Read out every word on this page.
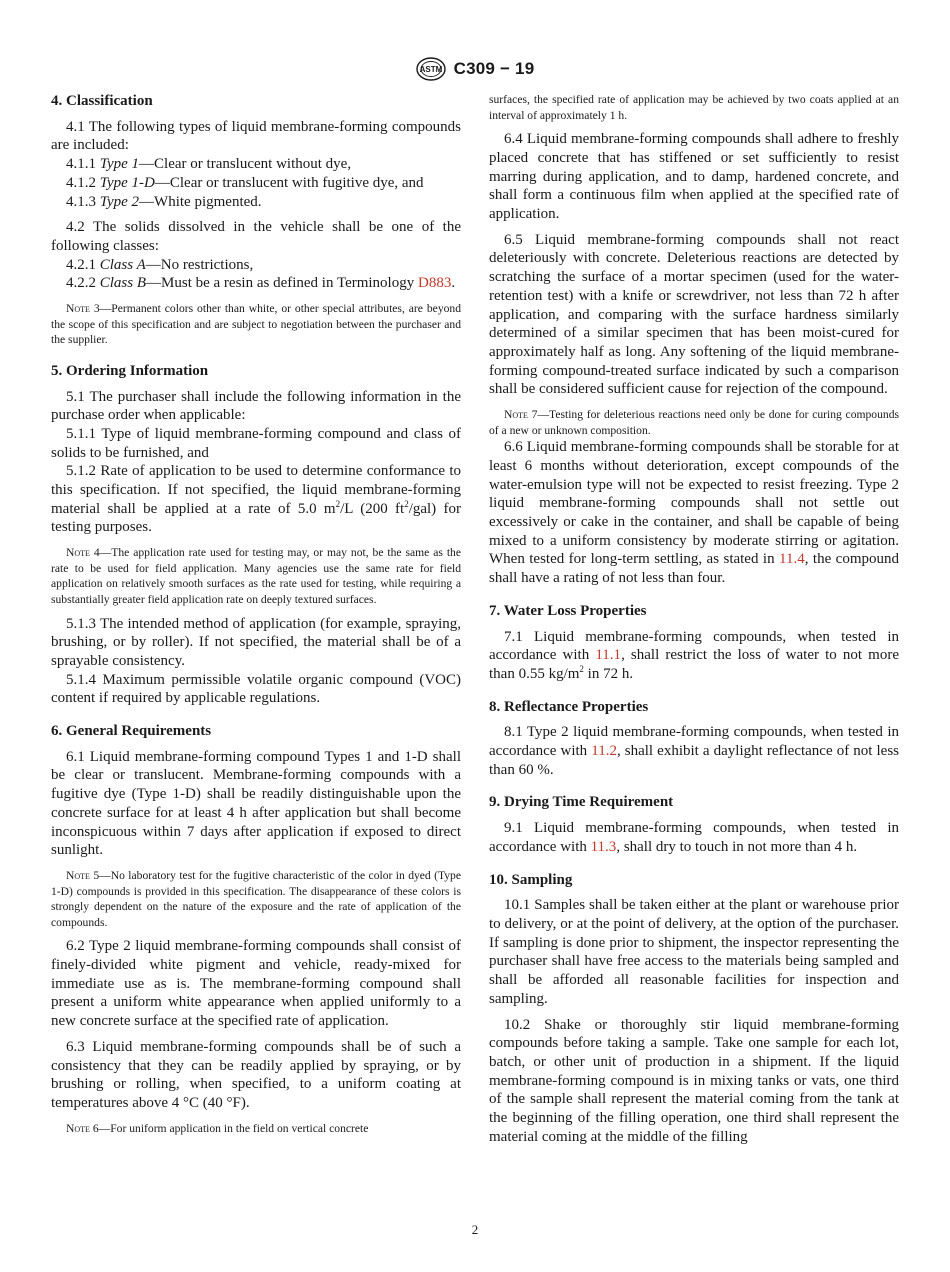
ASTM C309 − 19
4. Classification

4.1 The following types of liquid membrane-forming compounds are included:

4.1.1 Type 1—Clear or translucent without dye,

4.1.2 Type 1-D—Clear or translucent with fugitive dye, and

4.1.3 Type 2—White pigmented.

4.2 The solids dissolved in the vehicle shall be one of the following classes:

4.2.1 Class A—No restrictions,

4.2.2 Class B—Must be a resin as defined in Terminology D883.

Note 3—Permanent colors other than white, or other special attributes, are beyond the scope of this specification and are subject to negotiation between the purchaser and the supplier.

5. Ordering Information

5.1 The purchaser shall include the following information in the purchase order when applicable:

5.1.1 Type of liquid membrane-forming compound and class of solids to be furnished, and

5.1.2 Rate of application to be used to determine conformance to this specification. If not specified, the liquid membrane-forming material shall be applied at a rate of 5.0 $m^2/L$ (200 $ft^2/gal$) for testing purposes.

Note 4—The application rate used for testing may, or may not, be the same as the rate to be used for field application. Many agencies use the same rate for field application on relatively smooth surfaces as the rate used for testing, while requiring a substantially greater field application rate on deeply textured surfaces.

5.1.3 The intended method of application (for example, spraying, brushing, or by roller). If not specified, the material shall be of a sprayable consistency.

5.1.4 Maximum permissible volatile organic compound (VOC) content if required by applicable regulations.

6. General Requirements

6.1 Liquid membrane-forming compound Types 1 and 1-D shall be clear or translucent. Membrane-forming compounds with a fugitive dye (Type 1-D) shall be readily distinguishable upon the concrete surface for at least 4 h after application but shall become inconspicuous within 7 days after application if exposed to direct sunlight.

Note 5—No laboratory test for the fugitive characteristic of the color in dyed (Type 1-D) compounds is provided in this specification. The disappearance of these colors is strongly dependent on the nature of the exposure and the rate of application of the compounds.

6.2 Type 2 liquid membrane-forming compounds shall consist of finely-divided white pigment and vehicle, ready-mixed for immediate use as is. The membrane-forming compound shall present a uniform white appearance when applied uniformly to a new concrete surface at the specified rate of application.

6.3 Liquid membrane-forming compounds shall be of such a consistency that they can be readily applied by spraying, or by brushing or rolling, when specified, to a uniform coating at temperatures above 4 °C (40 °F).

Note 6—For uniform application in the field on vertical concrete

surfaces, the specified rate of application may be achieved by two coats applied at an interval of approximately 1 h.

6.4 Liquid membrane-forming compounds shall adhere to freshly placed concrete that has stiffened or set sufficiently to resist marring during application, and to damp, hardened concrete, and shall form a continuous film when applied at the specified rate of application.

6.5 Liquid membrane-forming compounds shall not react deleteriously with concrete. Deleterious reactions are detected by scratching the surface of a mortar specimen (used for the water-retention test) with a knife or screwdriver, not less than 72 h after application, and comparing with the surface hardness similarly determined of a similar specimen that has been moist-cured for approximately half as long. Any softening of the liquid membrane-forming compound-treated surface indicated by such a comparison shall be considered sufficient cause for rejection of the compound.

Note 7—Testing for deleterious reactions need only be done for curing compounds of a new or unknown composition.

6.6 Liquid membrane-forming compounds shall be storable for at least 6 months without deterioration, except compounds of the water-emulsion type will not be expected to resist freezing. Type 2 liquid membrane-forming compounds shall not settle out excessively or cake in the container, and shall be capable of being mixed to a uniform consistency by moderate stirring or agitation. When tested for long-term settling, as stated in 11.4, the compound shall have a rating of not less than four.

7. Water Loss Properties

7.1 Liquid membrane-forming compounds, when tested in accordance with 11.1, shall restrict the loss of water to not more than 0.55 $kg/m^2$ in 72 h.

8. Reflectance Properties

8.1 Type 2 liquid membrane-forming compounds, when tested in accordance with 11.2, shall exhibit a daylight reflectance of not less than 60 %.

9. Drying Time Requirement

9.1 Liquid membrane-forming compounds, when tested in accordance with 11.3, shall dry to touch in not more than 4 h.

10. Sampling

10.1 Samples shall be taken either at the plant or warehouse prior to delivery, or at the point of delivery, at the option of the purchaser. If sampling is done prior to shipment, the inspector representing the purchaser shall have free access to the materials being sampled and shall be afforded all reasonable facilities for inspection and sampling.

10.2 Shake or thoroughly stir liquid membrane-forming compounds before taking a sample. Take one sample for each lot, batch, or other unit of production in a shipment. If the liquid membrane-forming compound is in mixing tanks or vats, one third of the sample shall represent the material coming from the tank at the beginning of the filling operation, one third shall represent the material coming at the middle of the filling

2
